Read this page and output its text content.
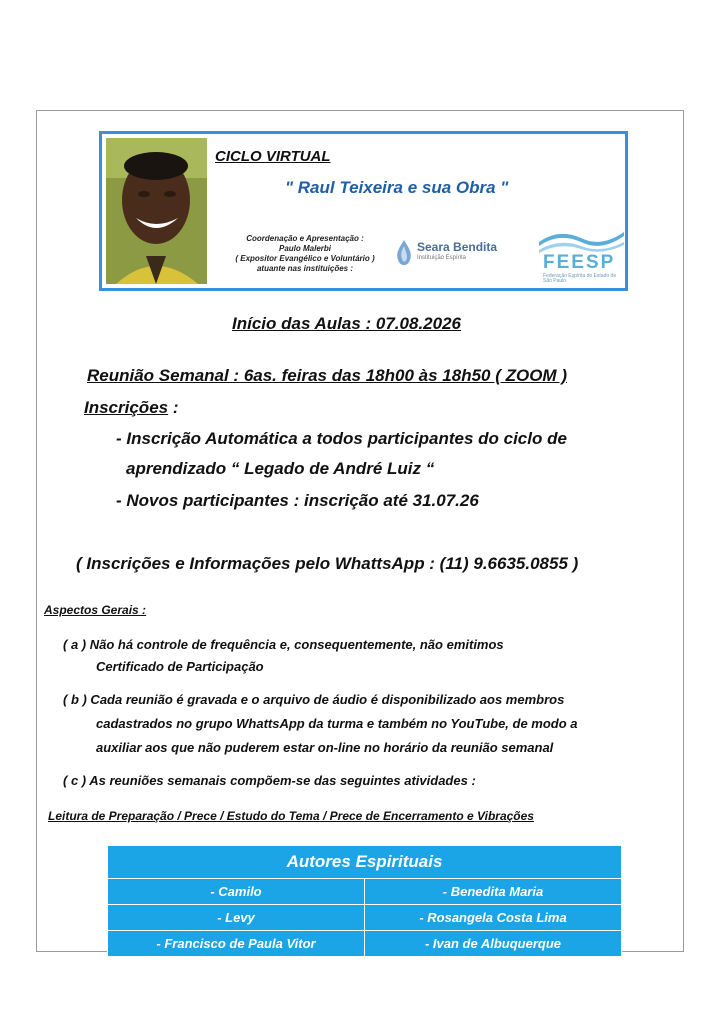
CICLO VIRTUAL
" Raul Teixeira e sua Obra "
Coordenação e Apresentação :
Paulo Malerbi
( Expositor Evangélico e Voluntário )
atuante nas instituições :
Seara Bendita
Instituição Espírita	FEESP
Federação Espírita do Estado de São Paulo
Início das Aulas : 07.08.2026
Reunião Semanal : 6as. feiras das 18h00 às 18h50 ( ZOOM )
Inscrições :
- Inscrição Automática a todos participantes do ciclo de
aprendizado “ Legado de André Luiz “
- Novos participantes : inscrição até 31.07.26
( Inscrições e Informações pelo WhattsApp : (11) 9.6635.0855 )
Aspectos Gerais :
( a ) Não há controle de frequência e, consequentemente, não emitimos
Certificado de Participação
( b ) Cada reunião é gravada e o arquivo de áudio é disponibilizado aos membros
cadastrados no grupo WhattsApp da turma e também no YouTube, de modo a
auxiliar aos que não puderem estar on-line no horário da reunião semanal
( c ) As reuniões semanais compõem-se das seguintes atividades :
Leitura de Preparação / Prece / Estudo do Tema / Prece de Encerramento e Vibrações
Autores Espirituais	
- Camilo	- Benedita Maria
- Levy	- Rosangela Costa Lima
- Francisco de Paula Vitor	- Ivan de Albuquerque
